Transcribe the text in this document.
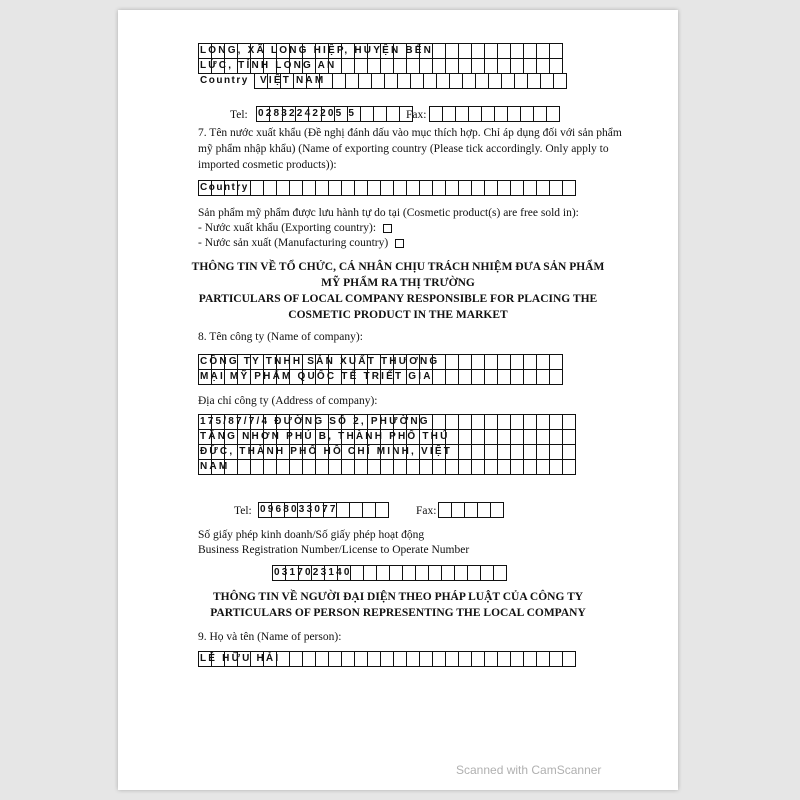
LONG, XÃ LONG HIỆP, HUYỆN BẾN
LỨC, TỈNH LONG AN
Country VIỆT NAM
Tel: 02832242205 5	Fax:
7. Tên nước xuất khẩu (Đề nghị đánh dấu vào mục thích hợp. Chỉ áp dụng đối với sản phẩm
mỹ phẩm nhập khẩu) (Name of exporting country (Please tick accordingly. Only apply to
imported cosmetic products)):
Country
Sản phẩm mỹ phẩm được lưu hành tự do tại (Cosmetic product(s) are free sold in):
- Nước xuất khẩu (Exporting country):
- Nước sản xuất (Manufacturing country)
THÔNG TIN VỀ TỔ CHỨC, CÁ NHÂN CHỊU TRÁCH NHIỆM ĐƯA SẢN PHẨM
MỸ PHẨM RA THỊ TRƯỜNG
PARTICULARS OF LOCAL COMPANY RESPONSIBLE FOR PLACING THE
COSMETIC PRODUCT IN THE MARKET
8. Tên công ty (Name of company):
CÔNG TY TNHH SẢN XUẤT THƯƠNG
MẠI MỸ PHẨM QUỐC TẾ TRIẾT GIA
Địa chỉ công ty (Address of company):
175/87/7/4 ĐƯỜNG SỐ 2, PHƯỜNG
TĂNG NHƠN PHÚ B, THÀNH PHỐ THỦ
ĐỨC, THÀNH PHỐ HỒ CHÍ MINH, VIỆT
NAM
Tel: 0968033077	Fax:
Số giấy phép kinh doanh/Số giấy phép hoạt động
Business Registration Number/License to Operate Number
0317023140
THÔNG TIN VỀ NGƯỜI ĐẠI DIỆN THEO PHÁP LUẬT CỦA CÔNG TY
PARTICULARS OF PERSON REPRESENTING THE LOCAL COMPANY
9. Họ và tên (Name of person):
LÊ HỮU HẢI
Scanned with CamScanner
